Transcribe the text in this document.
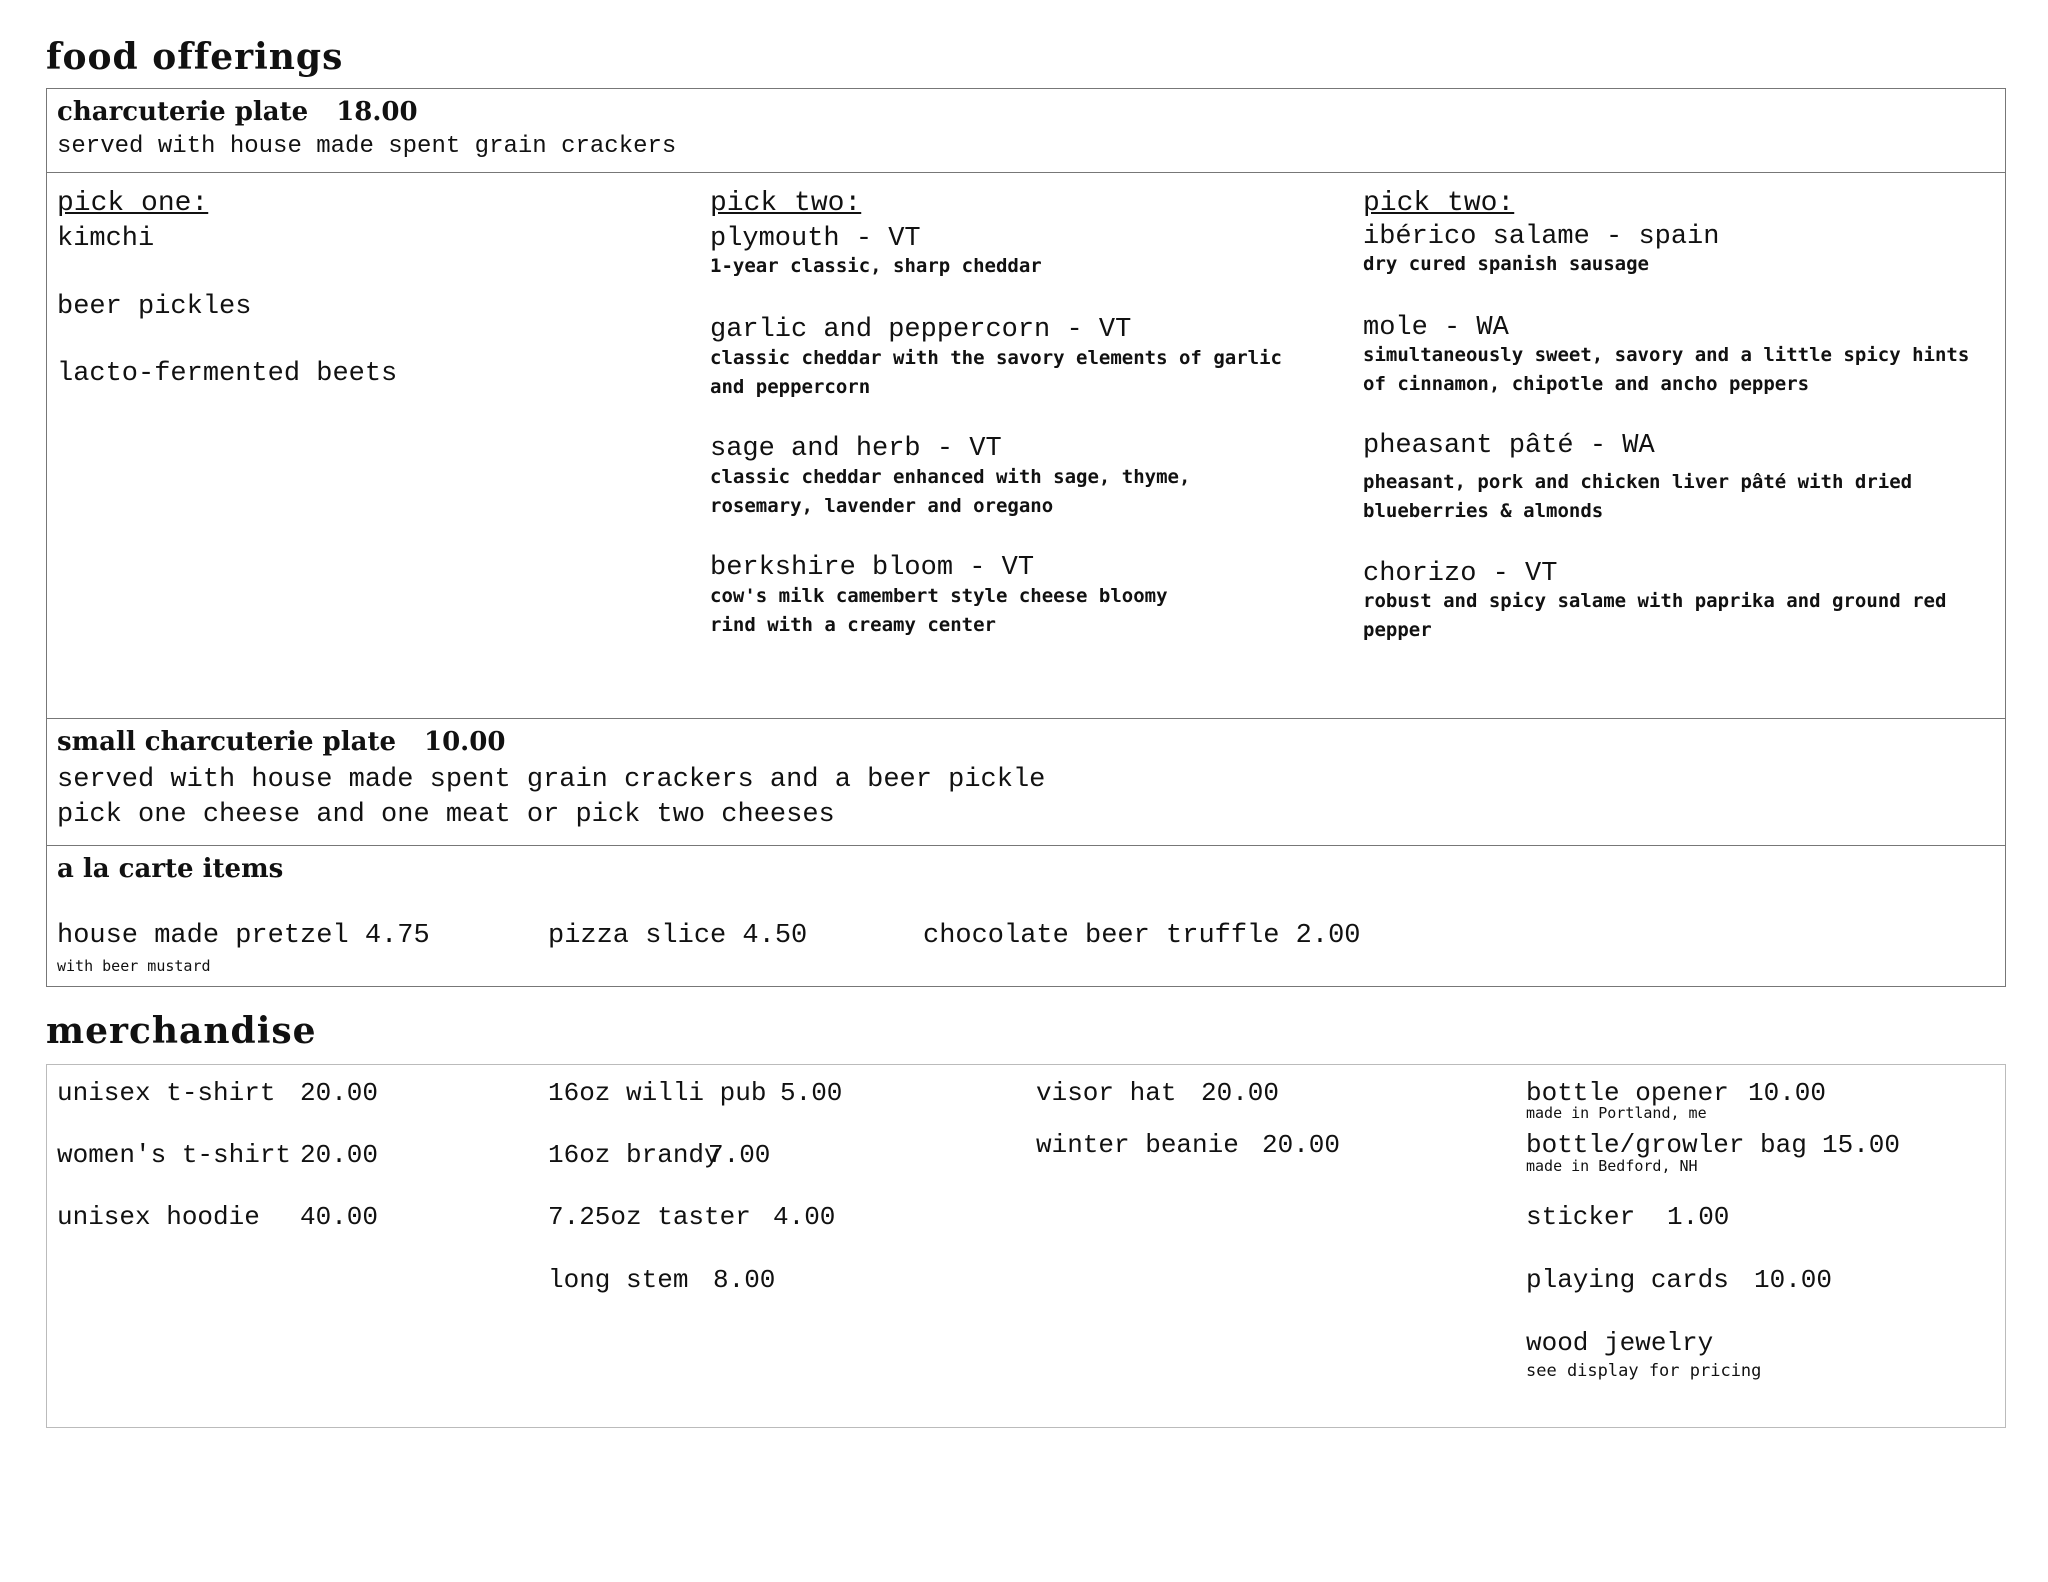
food offerings
charcuterie plate 18.00
served with house made spent grain crackers
pick one:
kimchi
beer pickles
lacto-fermented beets
pick two:
plymouth - VT
1-year classic, sharp cheddar
garlic and peppercorn - VT
classic cheddar with the savory elements of garlic and peppercorn
sage and herb - VT
classic cheddar enhanced with sage, thyme, rosemary, lavender and oregano
berkshire bloom - VT
cow's milk camembert style cheese bloomy rind with a creamy center
pick two:
ibérico salame - spain
dry cured spanish sausage
mole - WA
simultaneously sweet, savory and a little spicy hints of cinnamon, chipotle and ancho peppers
pheasant pâté - WA
pheasant, pork and chicken liver pâté with dried blueberries & almonds
chorizo - VT
robust and spicy salame with paprika and ground red pepper
small charcuterie plate 10.00
served with house made spent grain crackers and a beer pickle
pick one cheese and one meat or pick two cheeses
a la carte items
house made pretzel 4.75
with beer mustard
pizza slice 4.50	chocolate beer truffle 2.00
merchandise
unisex t-shirt 20.00
women's t-shirt 20.00
unisex hoodie 40.00
16oz willi pub 5.00
16oz brandy
7.00
7.25oz taster 4.00
long stem 8.00
visor hat 20.00
winter beanie 20.00
bottle opener 10.00
made in Portland, me
bottle/growler bag 15.00
made in Bedford, NH
sticker 1.00
playing cards 10.00
wood jewelry
see display for pricing
